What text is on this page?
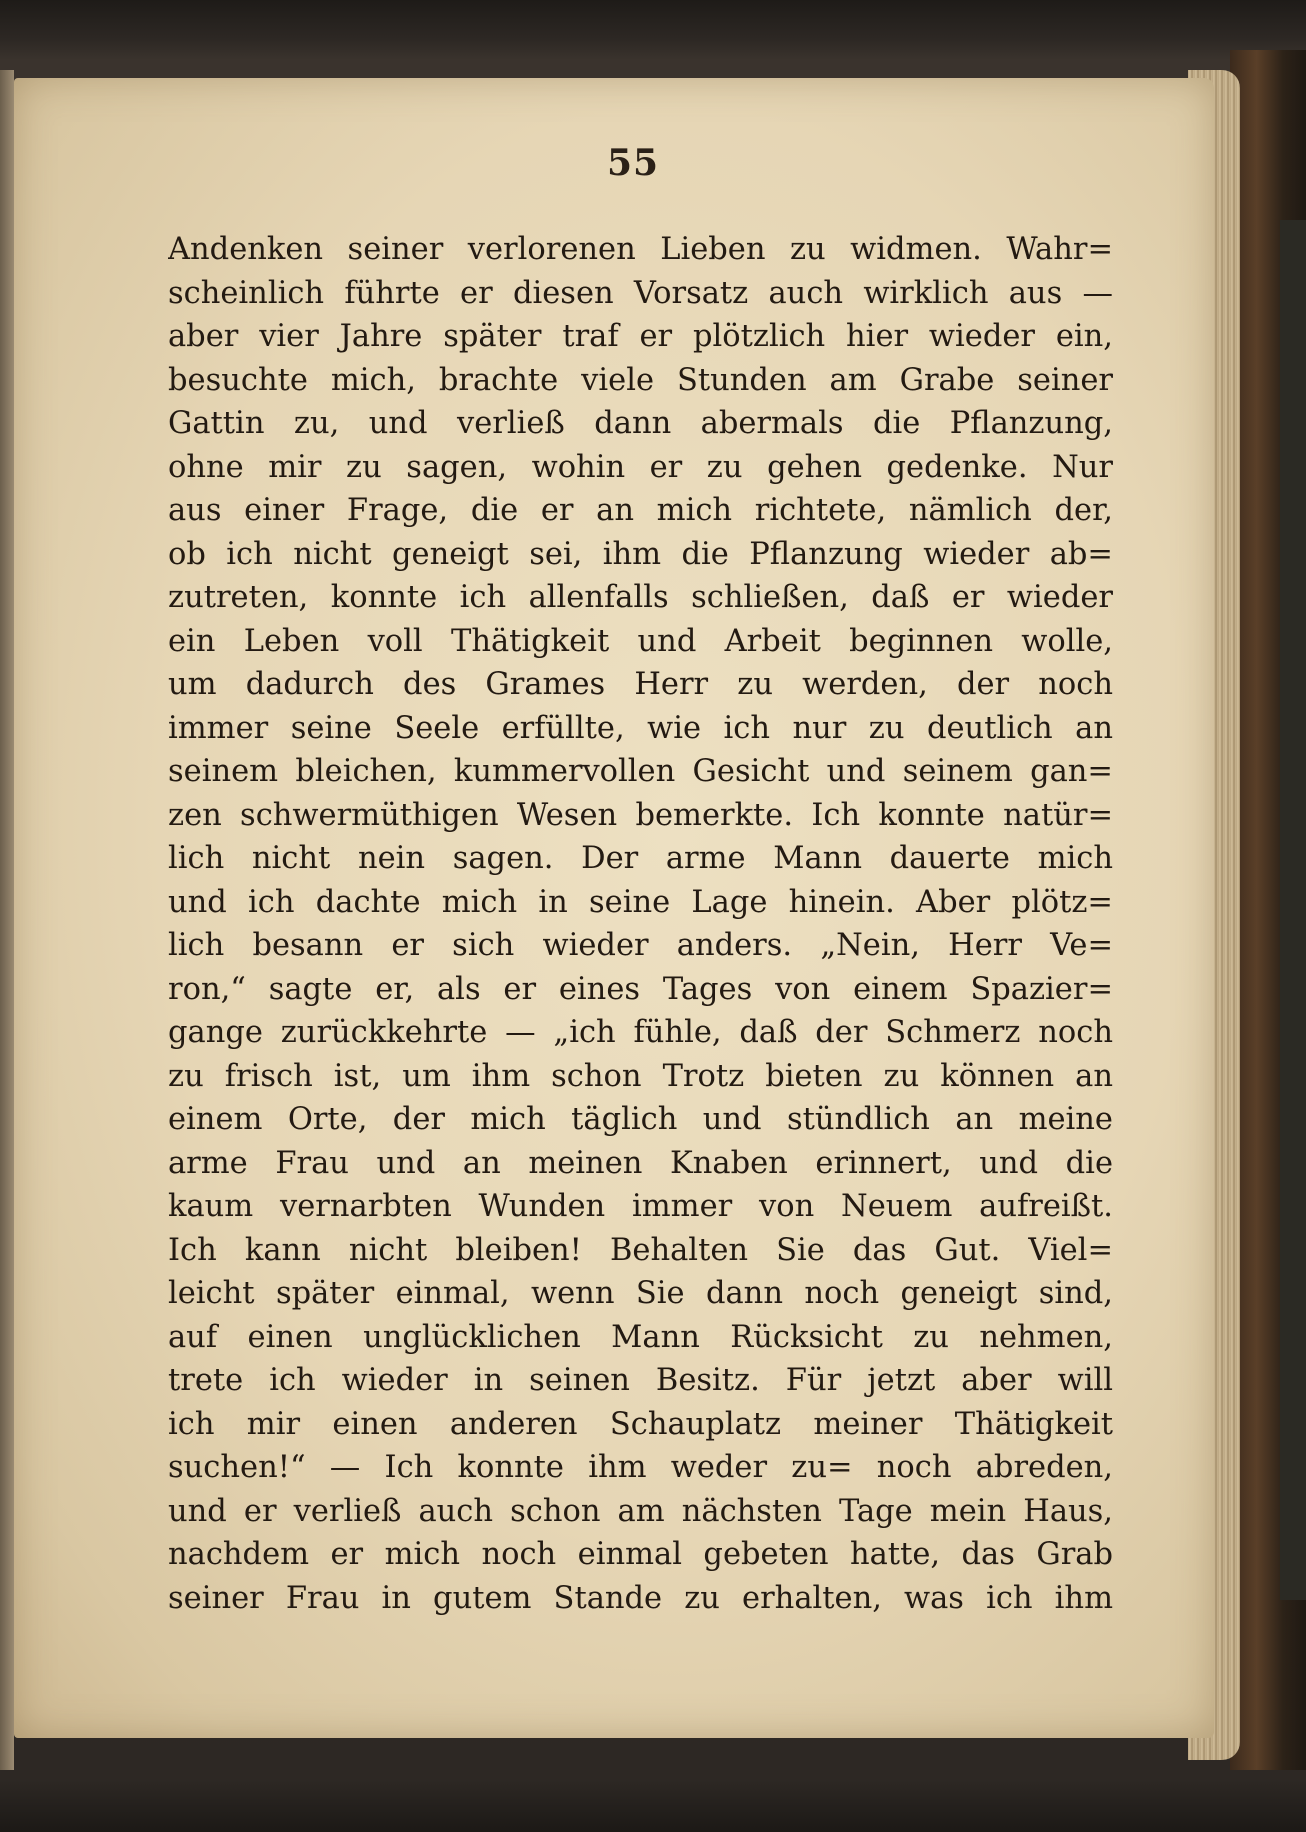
55
Andenken seiner verlorenen Lieben zu widmen. Wahr=
scheinlich führte er diesen Vorsatz auch wirklich aus —
aber vier Jahre später traf er plötzlich hier wieder ein,
besuchte mich, brachte viele Stunden am Grabe seiner
Gattin zu, und verließ dann abermals die Pflanzung,
ohne mir zu sagen, wohin er zu gehen gedenke. Nur
aus einer Frage, die er an mich richtete, nämlich der,
ob ich nicht geneigt sei, ihm die Pflanzung wieder ab=
zutreten, konnte ich allenfalls schließen, daß er wieder
ein Leben voll Thätigkeit und Arbeit beginnen wolle,
um dadurch des Grames Herr zu werden, der noch
immer seine Seele erfüllte, wie ich nur zu deutlich an
seinem bleichen, kummervollen Gesicht und seinem gan=
zen schwermüthigen Wesen bemerkte. Ich konnte natür=
lich nicht nein sagen. Der arme Mann dauerte mich
und ich dachte mich in seine Lage hinein. Aber plötz=
lich besann er sich wieder anders. „Nein, Herr Ve=
ron,“ sagte er, als er eines Tages von einem Spazier=
gange zurückkehrte — „ich fühle, daß der Schmerz noch
zu frisch ist, um ihm schon Trotz bieten zu können an
einem Orte, der mich täglich und stündlich an meine
arme Frau und an meinen Knaben erinnert, und die
kaum vernarbten Wunden immer von Neuem aufreißt.
Ich kann nicht bleiben! Behalten Sie das Gut. Viel=
leicht später einmal, wenn Sie dann noch geneigt sind,
auf einen unglücklichen Mann Rücksicht zu nehmen,
trete ich wieder in seinen Besitz. Für jetzt aber will
ich mir einen anderen Schauplatz meiner Thätigkeit
suchen!“ — Ich konnte ihm weder zu= noch abreden,
und er verließ auch schon am nächsten Tage mein Haus,
nachdem er mich noch einmal gebeten hatte, das Grab
seiner Frau in gutem Stande zu erhalten, was ich ihm
